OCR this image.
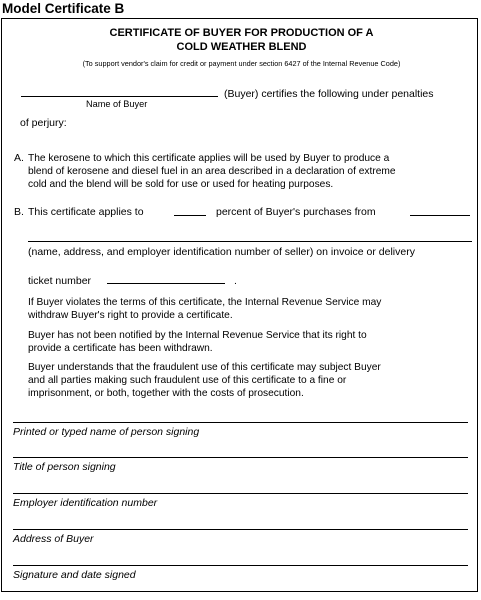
Model Certificate B
CERTIFICATE OF BUYER FOR PRODUCTION OF A
COLD WEATHER BLEND
(To support vendor's claim for credit or payment under section 6427 of the Internal Revenue Code)
(Buyer) certifies the following under penalties
Name of Buyer
of perjury:
A. The kerosene to which this certificate applies will be used by Buyer to produce a
blend of kerosene and diesel fuel in an area described in a declaration of extreme
cold and the blend will be sold for use or used for heating purposes.
B. This certificate applies to	percent of Buyer's purchases from
(name, address, and employer identification number of seller) on invoice or delivery
ticket number	.
If Buyer violates the terms of this certificate, the Internal Revenue Service may
withdraw Buyer's right to provide a certificate.
Buyer has not been notified by the Internal Revenue Service that its right to
provide a certificate has been withdrawn.
Buyer understands that the fraudulent use of this certificate may subject Buyer
and all parties making such fraudulent use of this certificate to a fine or
imprisonment, or both, together with the costs of prosecution.
Printed or typed name of person signing
Title of person signing
Employer identification number
Address of Buyer
Signature and date signed
